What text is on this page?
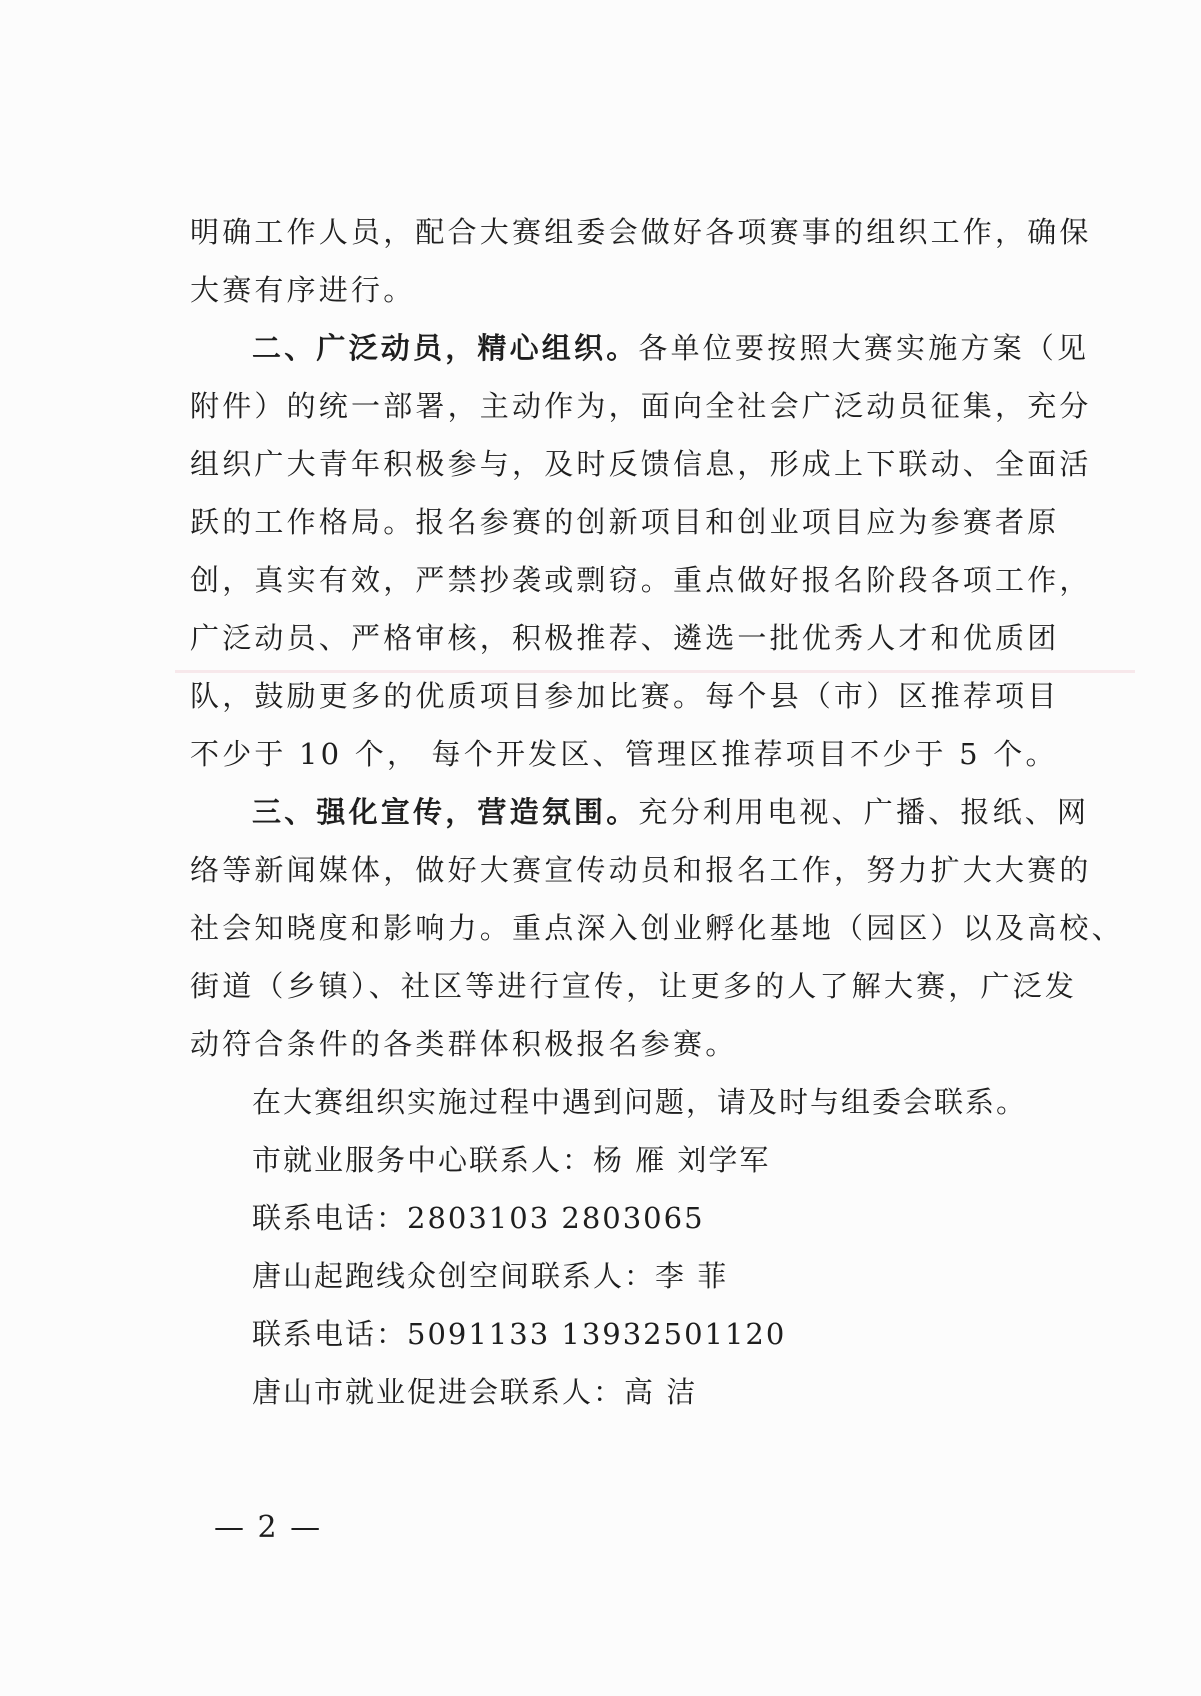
明确工作人员，配合大赛组委会做好各项赛事的组织工作，确保
大赛有序进行。
二、广泛动员，精心组织。各单位要按照大赛实施方案（见
附件）的统一部署，主动作为，面向全社会广泛动员征集，充分
组织广大青年积极参与，及时反馈信息，形成上下联动、全面活
跃的工作格局。报名参赛的创新项目和创业项目应为参赛者原
创，真实有效，严禁抄袭或剽窃。重点做好报名阶段各项工作，
广泛动员、严格审核，积极推荐、遴选一批优秀人才和优质团
队，鼓励更多的优质项目参加比赛。每个县（市）区推荐项目
不少于 10 个， 每个开发区、管理区推荐项目不少于 5 个。
三、强化宣传，营造氛围。充分利用电视、广播、报纸、网
络等新闻媒体，做好大赛宣传动员和报名工作，努力扩大大赛的
社会知晓度和影响力。重点深入创业孵化基地（园区）以及高校、
街道（乡镇）、社区等进行宣传，让更多的人了解大赛，广泛发
动符合条件的各类群体积极报名参赛。
在大赛组织实施过程中遇到问题，请及时与组委会联系。
市就业服务中心联系人：杨 雁 刘学军
联系电话：2803103 2803065
唐山起跑线众创空间联系人：李 菲
联系电话：5091133 13932501120
唐山市就业促进会联系人：高 洁
— 2 —
